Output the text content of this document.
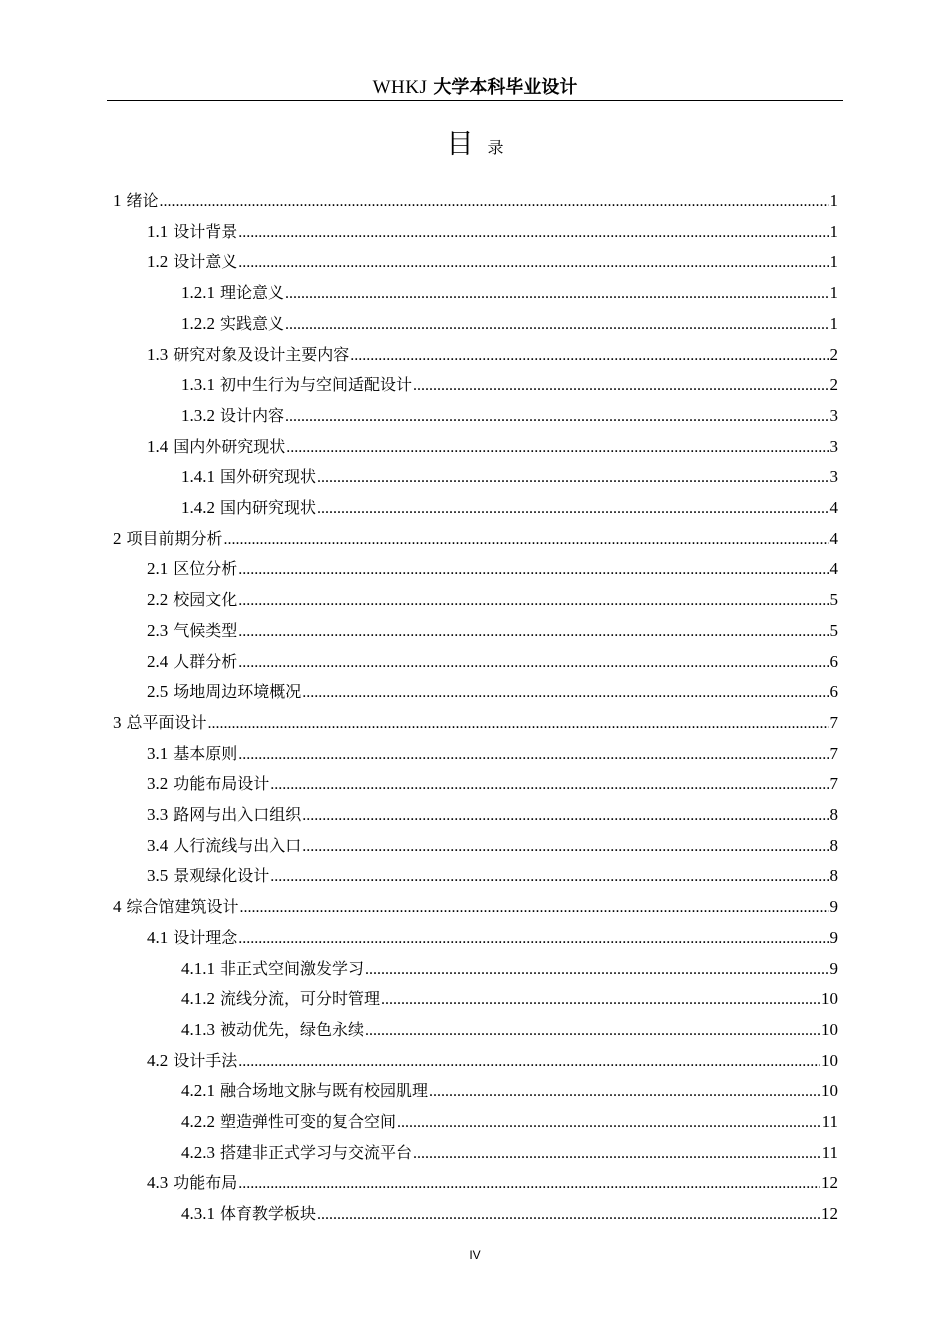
WHKJ 大学本科毕业设计
目录
1 绪论 .....	1
1.1 设计背景 .....	1
1.2 设计意义 .....	1
1.2.1 理论意义 .....	1
1.2.2 实践意义 .....	1
1.3 研究对象及设计主要内容 .....	2
1.3.1 初中生行为与空间适配设计 .....	2
1.3.2 设计内容 .....	3
1.4 国内外研究现状 .....	3
1.4.1 国外研究现状 .....	3
1.4.2 国内研究现状 .....	4
2 项目前期分析 .....	4
2.1 区位分析 .....	4
2.2 校园文化 .....	5
2.3 气候类型 .....	5
2.4 人群分析 .....	6
2.5 场地周边环境概况 .....	6
3 总平面设计 .....	7
3.1 基本原则 .....	7
3.2 功能布局设计 .....	7
3.3 路网与出入口组织 .....	8
3.4 人行流线与出入口 .....	8
3.5 景观绿化设计 .....	8
4 综合馆建筑设计 .....	9
4.1 设计理念 .....	9
4.1.1 非正式空间激发学习 .....	9
4.1.2 流线分流，可分时管理 .....	10
4.1.3 被动优先，绿色永续 .....	10
4.2 设计手法 .....	10
4.2.1 融合场地文脉与既有校园肌理 .....	10
4.2.2 塑造弹性可变的复合空间 .....	11
4.2.3 搭建非正式学习与交流平台 .....	11
4.3 功能布局 .....	12
4.3.1 体育教学板块 .....	12
IV
